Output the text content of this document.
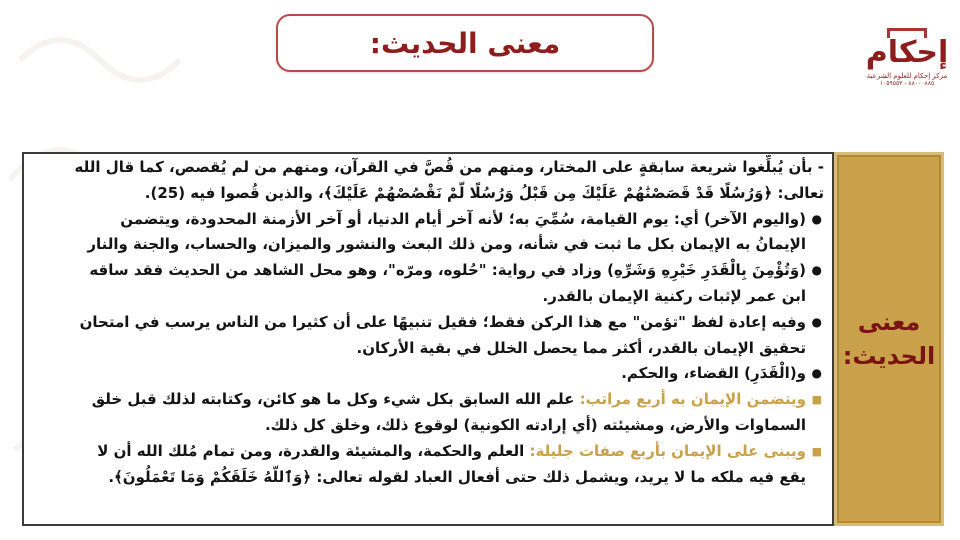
معنى الحديث:	إحكام
مركز إحكام للعلوم الشرعية
٨٨٠٠٠٨٨٥ - ١٠٥٩٥٥٣
معنى الحديث:
- بأن يُبلِّغوا شريعة سابقةٍ على المختار، ومنهم من قُصَّ في القرآن، ومنهم من لم يُقصص، كما قال الله
تعالى: ﴿وَرُسُلًا قَدْ قَصَصْنَٰهُمْ عَلَيْكَ مِن قَبْلُ وَرُسُلًا لَّمْ نَقْصُصْهُمْ عَلَيْكَ﴾، والذين قُصوا فيه (25).
●
(واليوم الآخر) أي: يوم القيامة، سُمِّيَ به؛ لأنه آخر أيام الدنيا، أو آخر الأزمنة المحدودة، ويتضمن
الإيمانُ به الإيمان بكل ما ثبت في شأنه، ومن ذلك البعث والنشور والميزان، والحساب، والجنة والنار
●
(وَتُؤْمِنَ بِالْقَدَرِ خَيْرِهِ وَشَرِّهِ) وزاد في رواية: "حُلوه، ومرّه"، وهو محل الشاهد من الحديث فقد ساقه
ابن عمر لإثبات ركنية الإيمان بالقدر.
●
وفيه إعادة لفظ "تؤمن" مع هذا الركن فقط؛ فقيل تنبيهًا على أن كثيرا من الناس يرسب في امتحان
تحقيق الإيمان بالقدر، أكثر مما يحصل الخلل في بقية الأركان.
●
و(الْقَدَرِ) القضاء، والحكم.
■
ويتضمن الإيمان به أربع مراتب: علم الله السابق بكل شيء وكل ما هو كائن، وكتابته لذلك قبل خلق
السماوات والأرض، ومشيئته (أي إرادته الكونية) لوقوع ذلك، وخلق كل ذلك.
■
ويبنى على الإيمان بأربع صفات جليلة: العلم والحكمة، والمشيئة والقدرة، ومن تمام مُلك الله أن لا
يقع فيه ملكه ما لا يريد، ويشمل ذلك حتى أفعال العباد لقوله تعالى: ﴿وَٱللَّهُ خَلَقَكُمْ وَمَا تَعْمَلُونَ﴾.
